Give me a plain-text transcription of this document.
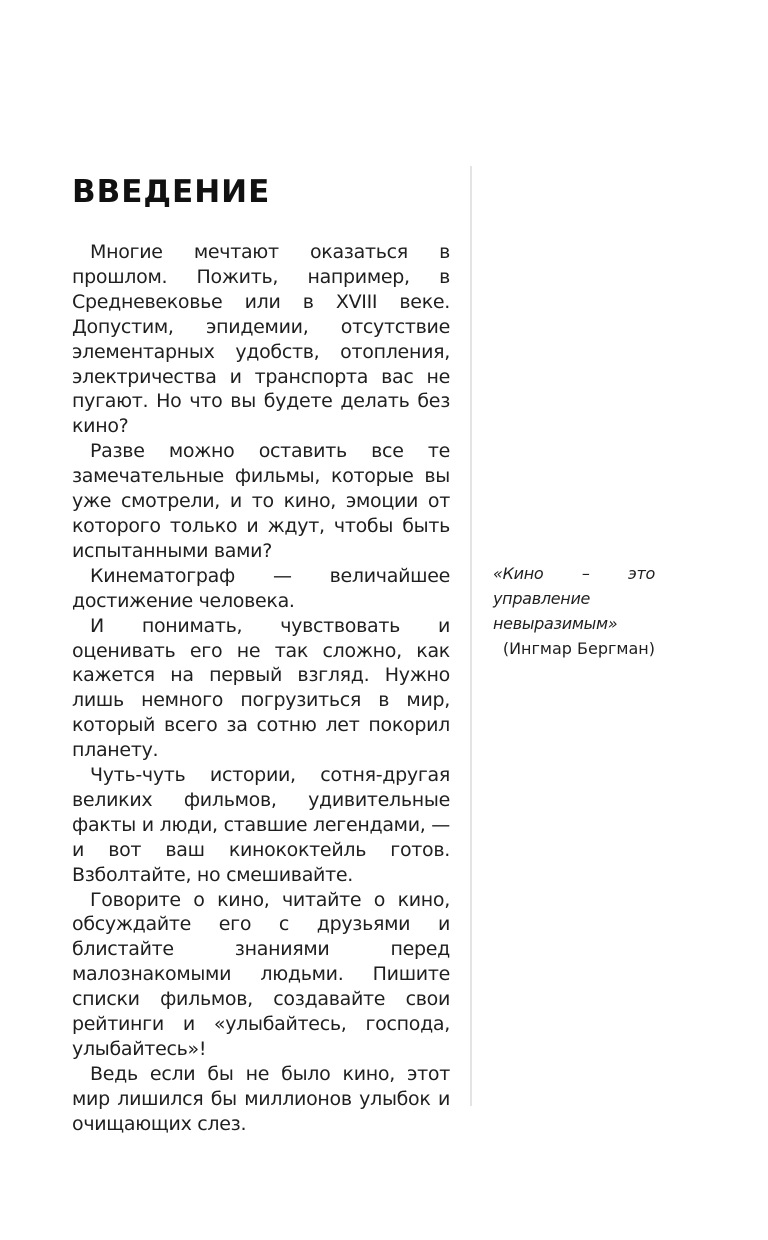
ВВЕДЕНИЕ

Многие мечтают оказаться в прошлом. Пожить, например, в Средневековье или в XVIII веке. Допустим, эпидемии, отсутствие элементарных удобств, отопления, электричества и транспорта вас не пугают. Но что вы будете делать без кино?

Разве можно оставить все те замечательные фильмы, которые вы уже смотрели, и то кино, эмоции от которого только и ждут, чтобы быть испытанными вами?

Кинематограф — величайшее достижение человека.

И понимать, чувствовать и оценивать его не так сложно, как кажется на первый взгляд. Нужно лишь немного погрузиться в мир, который всего за сотню лет покорил планету.

Чуть-чуть истории, сотня-другая великих фильмов, удивительные факты и люди, ставшие легендами, — и вот ваш кинококтейль готов. Взболтайте, но смешивайте.

Говорите о кино, читайте о кино, обсуждайте его с друзьями и блистайте знаниями перед малознакомыми людьми. Пишите списки фильмов, создавайте свои рейтинги и «улыбайтесь, господа, улыбайтесь»!

Ведь если бы не было кино, этот мир лишился бы миллионов улыбок и очищающих слез.

«Кино – это управление невыразимым»

(Ингмар Бергман)
